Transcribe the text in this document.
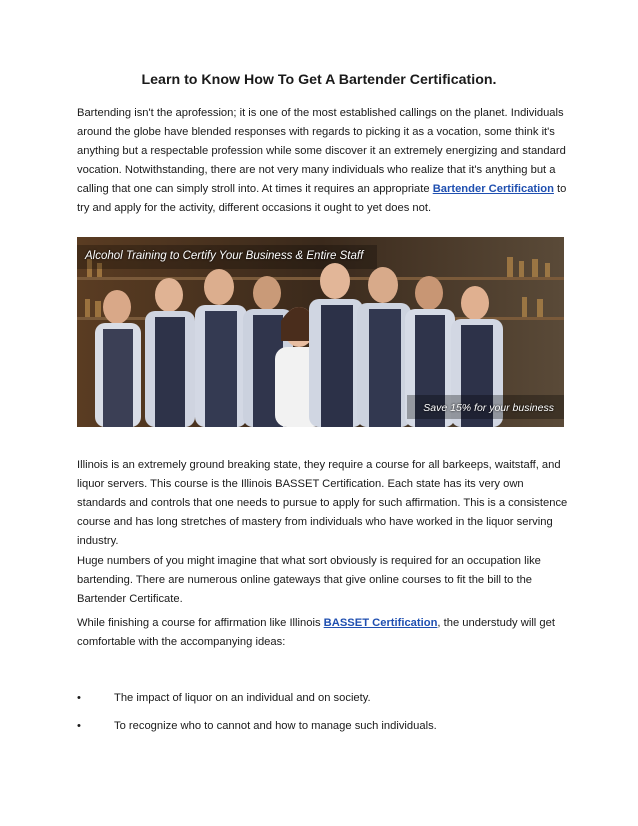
Learn to Know How To Get A Bartender Certification.
Bartending isn't the aprofession; it is one of the most established callings on the planet. Individuals around the globe have blended responses with regards to picking it as a vocation, some think it's anything but a respectable profession while some discover it an extremely energizing and standard vocation. Notwithstanding, there are not very many individuals who realize that it's anything but a calling that one can simply stroll into. At times it requires an appropriate Bartender Certification to try and apply for the activity, different occasions it ought to yet does not.
Alcohol Training to Certify Your Business & Entire Staff
Save 15% for your business
Illinois is an extremely ground breaking state, they require a course for all barkeeps, waitstaff, and liquor servers. This course is the Illinois BASSET Certification. Each state has its very own standards and controls that one needs to pursue to apply for such affirmation. This is a consistence course and has long stretches of mastery from individuals who have worked in the liquor serving industry.
Huge numbers of you might imagine that what sort obviously is required for an occupation like bartending. There are numerous online gateways that give online courses to fit the bill to the Bartender Certificate.
While finishing a course for affirmation like Illinois BASSET Certification, the understudy will get comfortable with the accompanying ideas:
•	The impact of liquor on an individual and on society.
•	To recognize who to cannot and how to manage such individuals.
